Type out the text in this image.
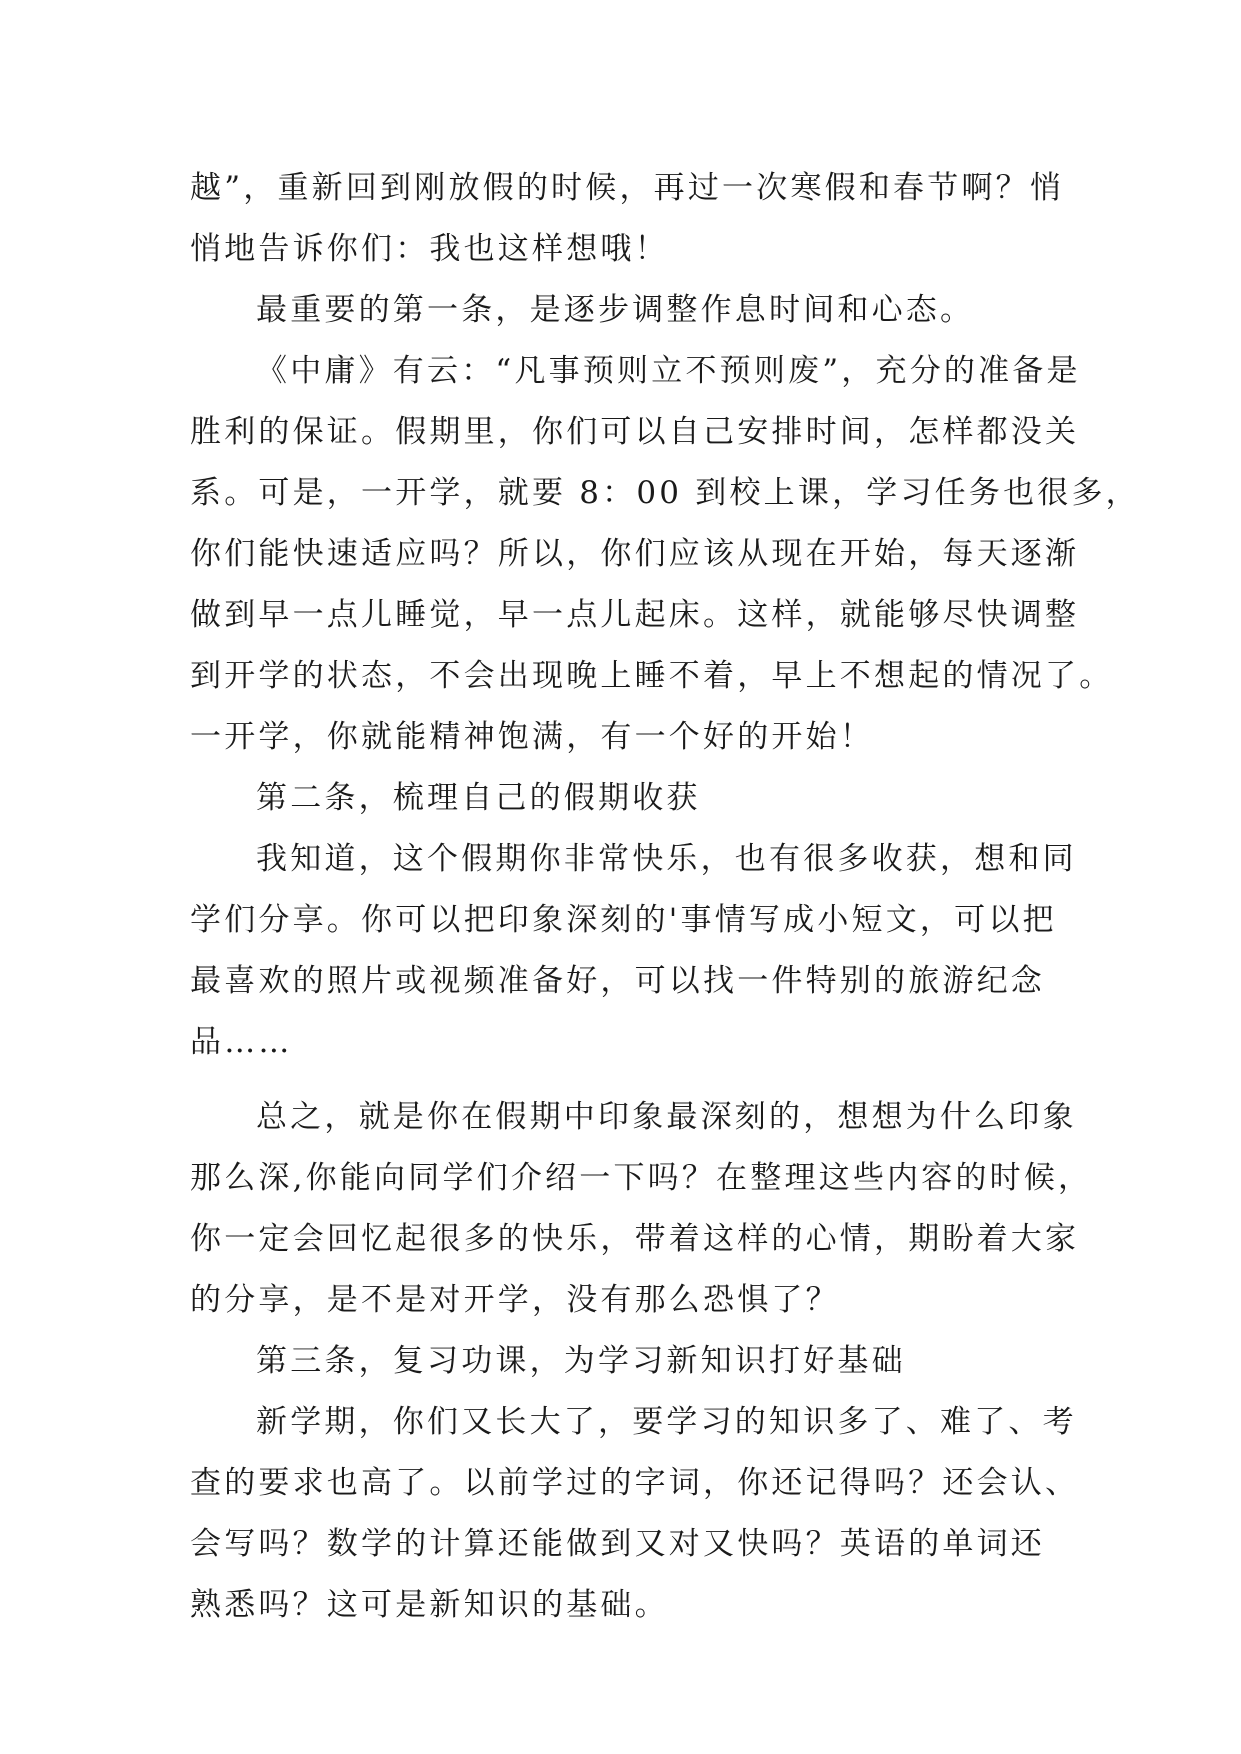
越”，重新回到刚放假的时候，再过一次寒假和春节啊？悄
悄地告诉你们：我也这样想哦！
最重要的第一条，是逐步调整作息时间和心态。
《中庸》有云：“凡事预则立不预则废”，充分的准备是
胜利的保证。假期里，你们可以自己安排时间，怎样都没关
系。可是，一开学，就要 8：00 到校上课，学习任务也很多，
你们能快速适应吗？所以，你们应该从现在开始，每天逐渐
做到早一点儿睡觉，早一点儿起床。这样，就能够尽快调整
到开学的状态，不会出现晚上睡不着，早上不想起的情况了。
一开学，你就能精神饱满，有一个好的开始！
第二条，梳理自己的假期收获
我知道，这个假期你非常快乐，也有很多收获，想和同
学们分享。你可以把印象深刻的'事情写成小短文，可以把
最喜欢的照片或视频准备好，可以找一件特别的旅游纪念
品……
总之，就是你在假期中印象最深刻的，想想为什么印象
那么深,你能向同学们介绍一下吗？在整理这些内容的时候，
你一定会回忆起很多的快乐，带着这样的心情，期盼着大家
的分享，是不是对开学，没有那么恐惧了？
第三条，复习功课，为学习新知识打好基础
新学期，你们又长大了，要学习的知识多了、难了、考
查的要求也高了。以前学过的字词，你还记得吗？还会认、
会写吗？数学的计算还能做到又对又快吗？英语的单词还
熟悉吗？这可是新知识的基础。
